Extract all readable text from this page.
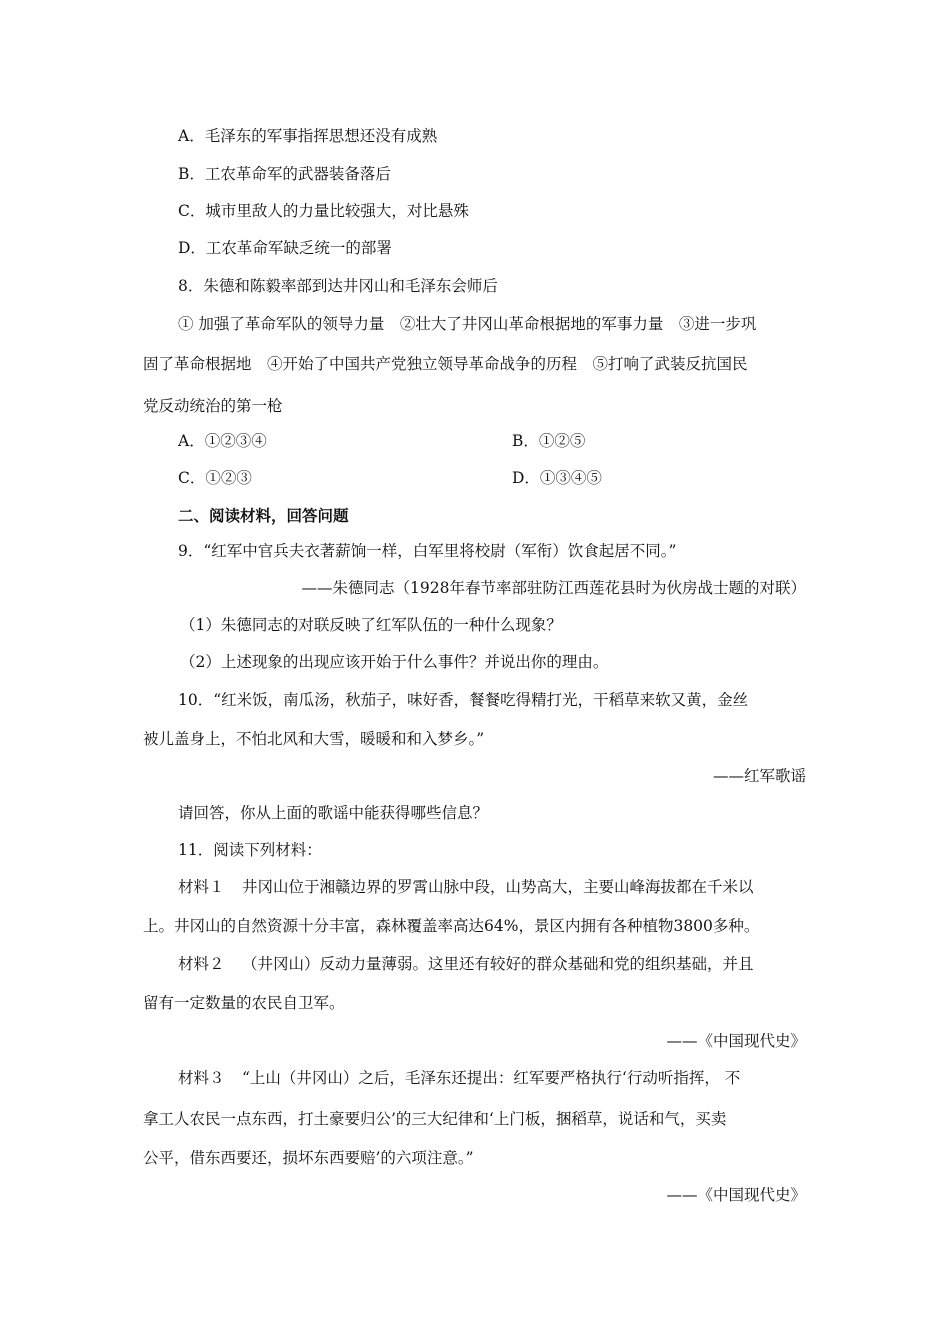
A．毛泽东的军事指挥思想还没有成熟
B．工农革命军的武器装备落后
C．城市里敌人的力量比较强大，对比悬殊
D．工农革命军缺乏统一的部署
8．朱德和陈毅率部到达井冈山和毛泽东会师后
① 加强了革命军队的领导力量　②壮大了井冈山革命根据地的军事力量　③进一步巩
固了革命根据地　④开始了中国共产党独立领导革命战争的历程　⑤打响了武装反抗国民
党反动统治的第一枪
A．①②③④	B．①②⑤
C．①②③	D．①③④⑤
二、阅读材料，回答问题
9．“红军中官兵夫衣著薪饷一样，白军里将校尉（军衔）饮食起居不同。”
——朱德同志（1928年春节率部驻防江西莲花县时为伙房战士题的对联）
（1）朱德同志的对联反映了红军队伍的一种什么现象？
（2）上述现象的出现应该开始于什么事件？并说出你的理由。
10．“红米饭，南瓜汤，秋茄子，味好香，餐餐吃得精打光，干稻草来软又黄，金丝
被儿盖身上，不怕北风和大雪，暖暖和和入梦乡。”
——红军歌谣
请回答，你从上面的歌谣中能获得哪些信息？
11．阅读下列材料：
材料１ 井冈山位于湘赣边界的罗霄山脉中段，山势高大，主要山峰海拔都在千米以
上。井冈山的自然资源十分丰富，森林覆盖率高达64%，景区内拥有各种植物3800多种。
材料２ （井冈山）反动力量薄弱。这里还有较好的群众基础和党的组织基础，并且
留有一定数量的农民自卫军。
——《中国现代史》
材料３ “上山（井冈山）之后，毛泽东还提出：红军要严格执行‘行动听指挥， 不
拿工人农民一点东西，打土豪要归公’的三大纪律和‘上门板，捆稻草，说话和气，买卖
公平，借东西要还，损坏东西要赔’的六项注意。”
——《中国现代史》
